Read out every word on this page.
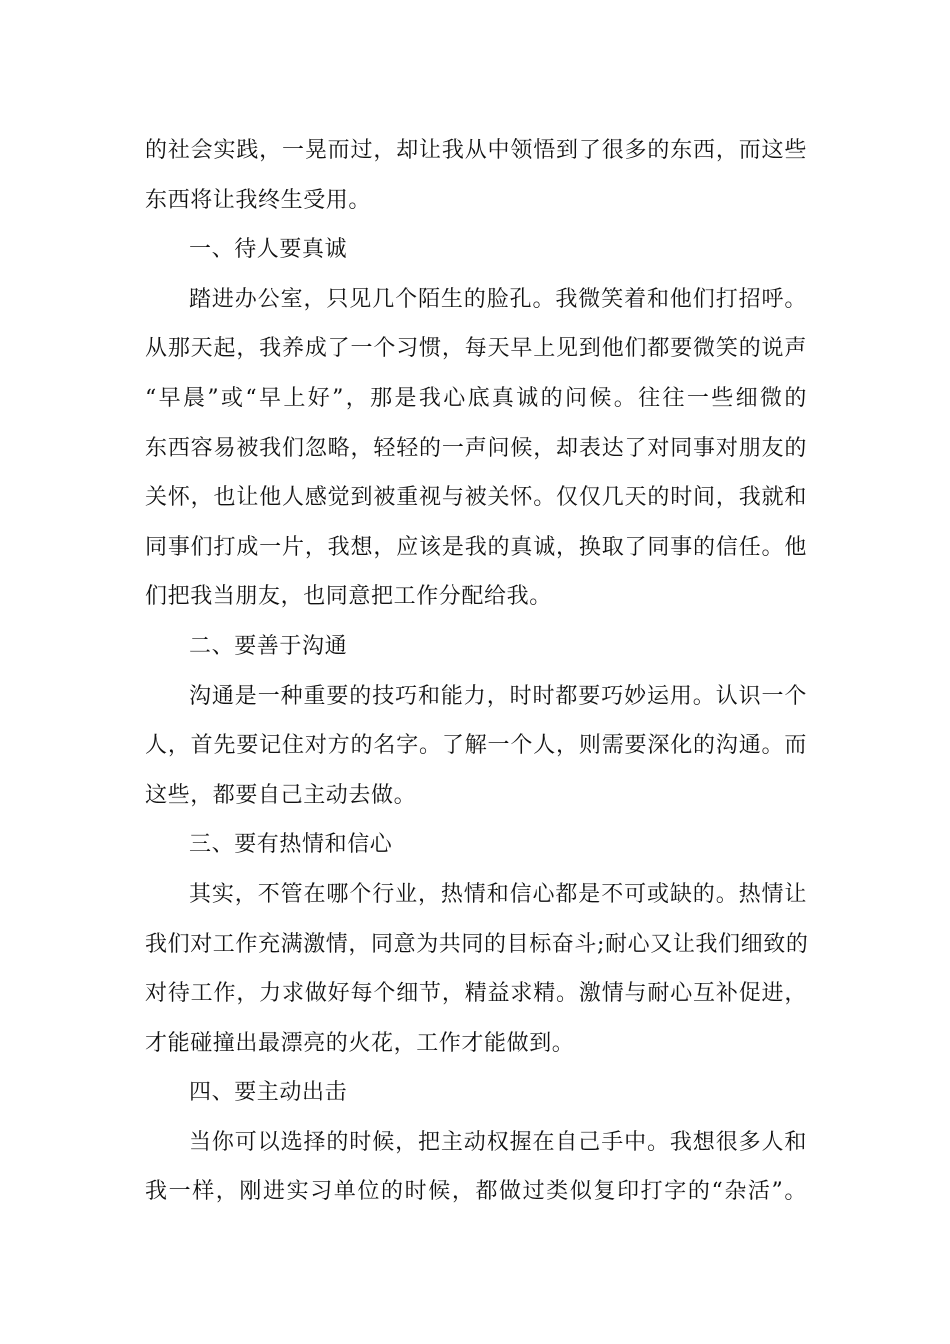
的社会实践，一晃而过，却让我从中领悟到了很多的东西，而这些
东西将让我终生受用。
一、待人要真诚
踏进办公室，只见几个陌生的脸孔。我微笑着和他们打招呼。
从那天起，我养成了一个习惯，每天早上见到他们都要微笑的说声
“早晨”或“早上好”，那是我心底真诚的问候。往往一些细微的
东西容易被我们忽略，轻轻的一声问候，却表达了对同事对朋友的
关怀，也让他人感觉到被重视与被关怀。仅仅几天的时间，我就和
同事们打成一片，我想，应该是我的真诚，换取了同事的信任。他
们把我当朋友，也同意把工作分配给我。
二、要善于沟通
沟通是一种重要的技巧和能力，时时都要巧妙运用。认识一个
人，首先要记住对方的名字。了解一个人，则需要深化的沟通。而
这些，都要自己主动去做。
三、要有热情和信心
其实，不管在哪个行业，热情和信心都是不可或缺的。热情让
我们对工作充满激情，同意为共同的目标奋斗;耐心又让我们细致的
对待工作，力求做好每个细节，精益求精。激情与耐心互补促进，
才能碰撞出最漂亮的火花，工作才能做到。
四、要主动出击
当你可以选择的时候，把主动权握在自己手中。我想很多人和
我一样，刚进实习单位的时候，都做过类似复印打字的“杂活”。
